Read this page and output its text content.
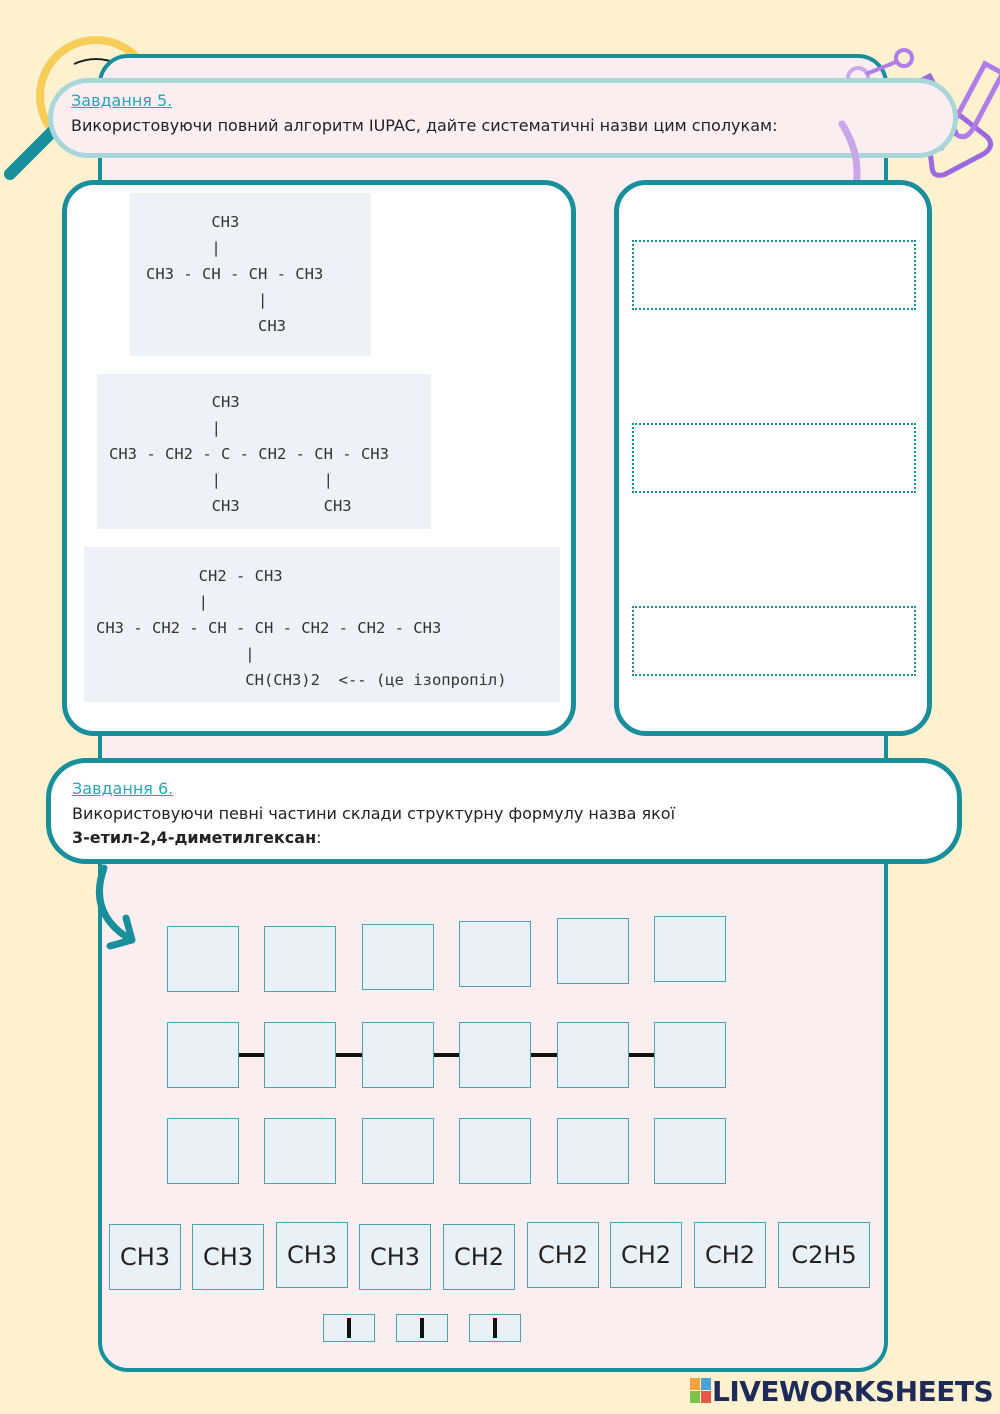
Завдання 5.
Використовуючи повний алгоритм IUPAC, дайте систематичні назви цим сполукам:
CH3
|
CH3 - CH - CH - CH3
|
CH3
CH3
|
CH3 - CH2 - C - CH2 - CH - CH3
|           |
CH3         CH3
CH2 - CH3
|
CH3 - CH2 - CH - CH - CH2 - CH2 - CH3
|
CH(CH3)2  <-- (це ізопропіл)
Завдання 6.
Використовуючи певні частини склади структурну формулу назва якої
3-етил-2,4-диметилгексан:
CH3	CH3	CH3	CH3	CH2	CH2	CH2	CH2	C2H5
LIVEWORKSHEETS
